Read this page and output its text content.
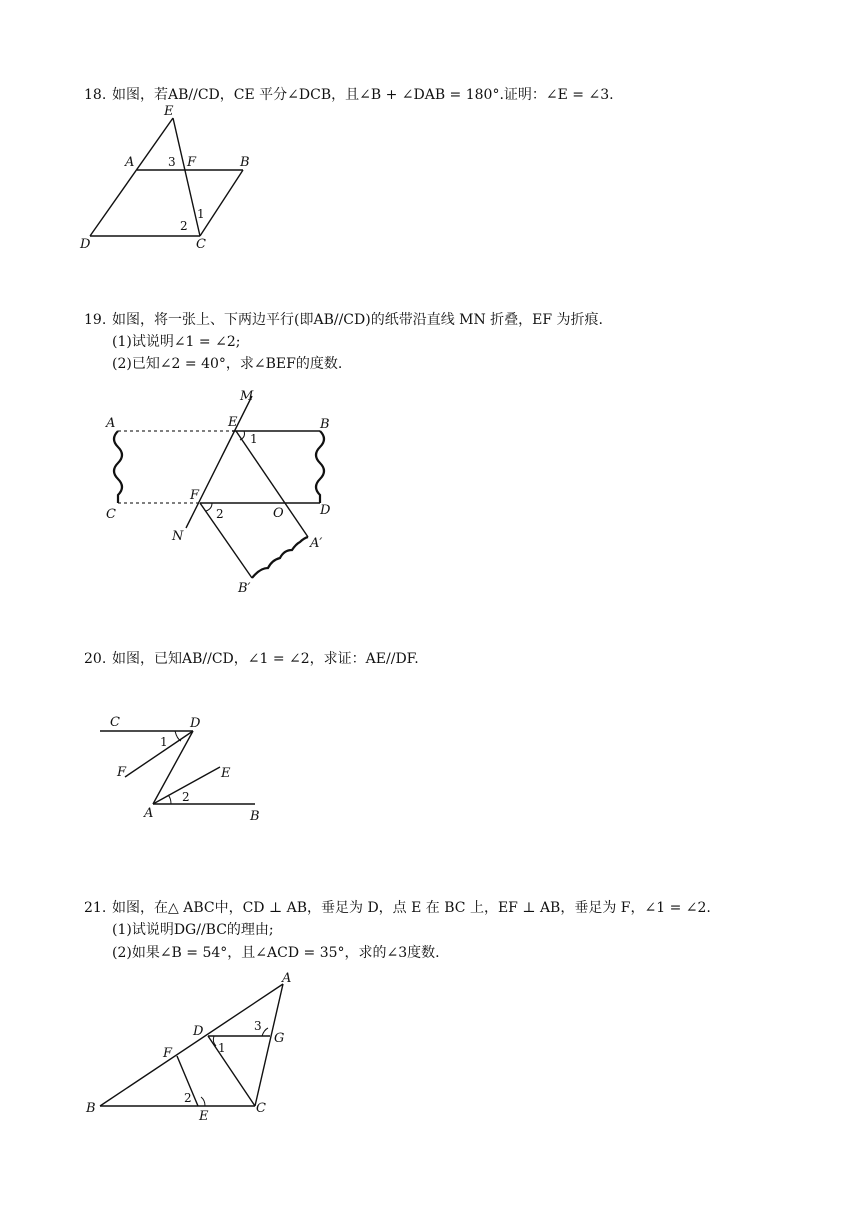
18. 如图，若AB//CD，CE 平分∠DCB，且∠B + ∠DAB = 180°.证明：∠E = ∠3.
E
A	3 F	B
1
2
D	C
19. 如图，将一张上、下两边平行(即AB//CD)的纸带沿直线 MN 折叠，EF 为折痕.
(1)试说明∠1 = ∠2;
(2)已知∠2 = 40°，求∠BEF的度数.
M
A	E	B
1
C
F
2	O	D
N	A′
B′
20. 如图，已知AB//CD，∠1 = ∠2，求证：AE//DF.
C	D
1
F	E
2
A	B
21. 如图，在△ ABC中，CD ⊥ AB，垂足为 D，点 E 在 BC 上，EF ⊥ AB，垂足为 F，∠1 = ∠2.
(1)试说明DG//BC的理由;
(2)如果∠B = 54°，且∠ACD = 35°，求的∠3度数.
A
D	3
G
F	1
B
2
E
C
